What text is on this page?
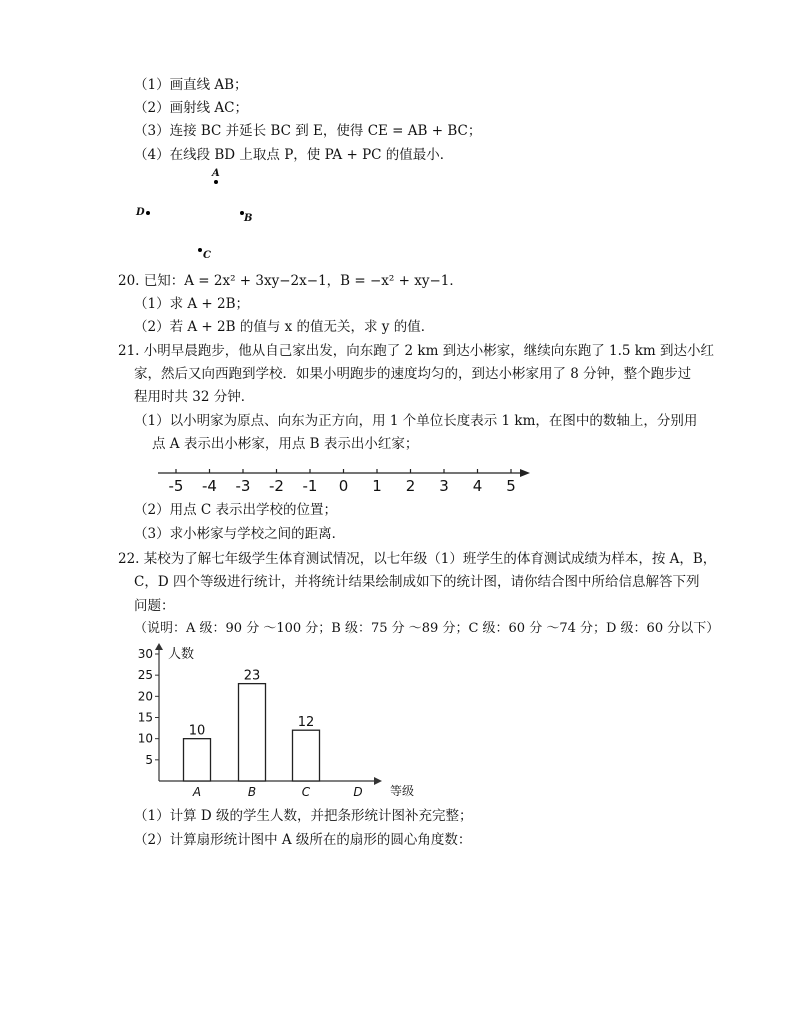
（1）画直线 AB；
（2）画射线 AC；
（3）连接 BC 并延长 BC 到 E，使得 CE = AB + BC；
（4）在线段 BD 上取点 P，使 PA + PC 的值最小．
A
D
B
C
20. 已知：A = 2x² + 3xy−2x−1，B = −x² + xy−1．
（1）求 A + 2B；
（2）若 A + 2B 的值与 x 的值无关，求 y 的值．
21. 小明早晨跑步，他从自己家出发，向东跑了 2 km 到达小彬家，继续向东跑了 1.5 km 到达小红
家，然后又向西跑到学校．如果小明跑步的速度均匀的，到达小彬家用了 8 分钟，整个跑步过
程用时共 32 分钟．
（1）以小明家为原点、向东为正方向，用 1 个单位长度表示 1 km，在图中的数轴上，分别用
点 A 表示出小彬家，用点 B 表示出小红家；
-5 -4 -3 -2 -1 0 1 2 3 4 5
（2）用点 C 表示出学校的位置；
（3）求小彬家与学校之间的距离．
22. 某校为了解七年级学生体育测试情况，以七年级（1）班学生的体育测试成绩为样本，按 A，B，
C，D 四个等级进行统计，并将统计结果绘制成如下的统计图，请你结合图中所给信息解答下列
问题：
（说明：A 级：90 分 ～100 分；B 级：75 分 ～89 分；C 级：60 分 ～74 分；D 级：60 分以下）
5
10
15
20
25
30 人数
等级
10
A
23
B
12
C	D
（1）计算 D 级的学生人数，并把条形统计图补充完整；
（2）计算扇形统计图中 A 级所在的扇形的圆心角度数：
